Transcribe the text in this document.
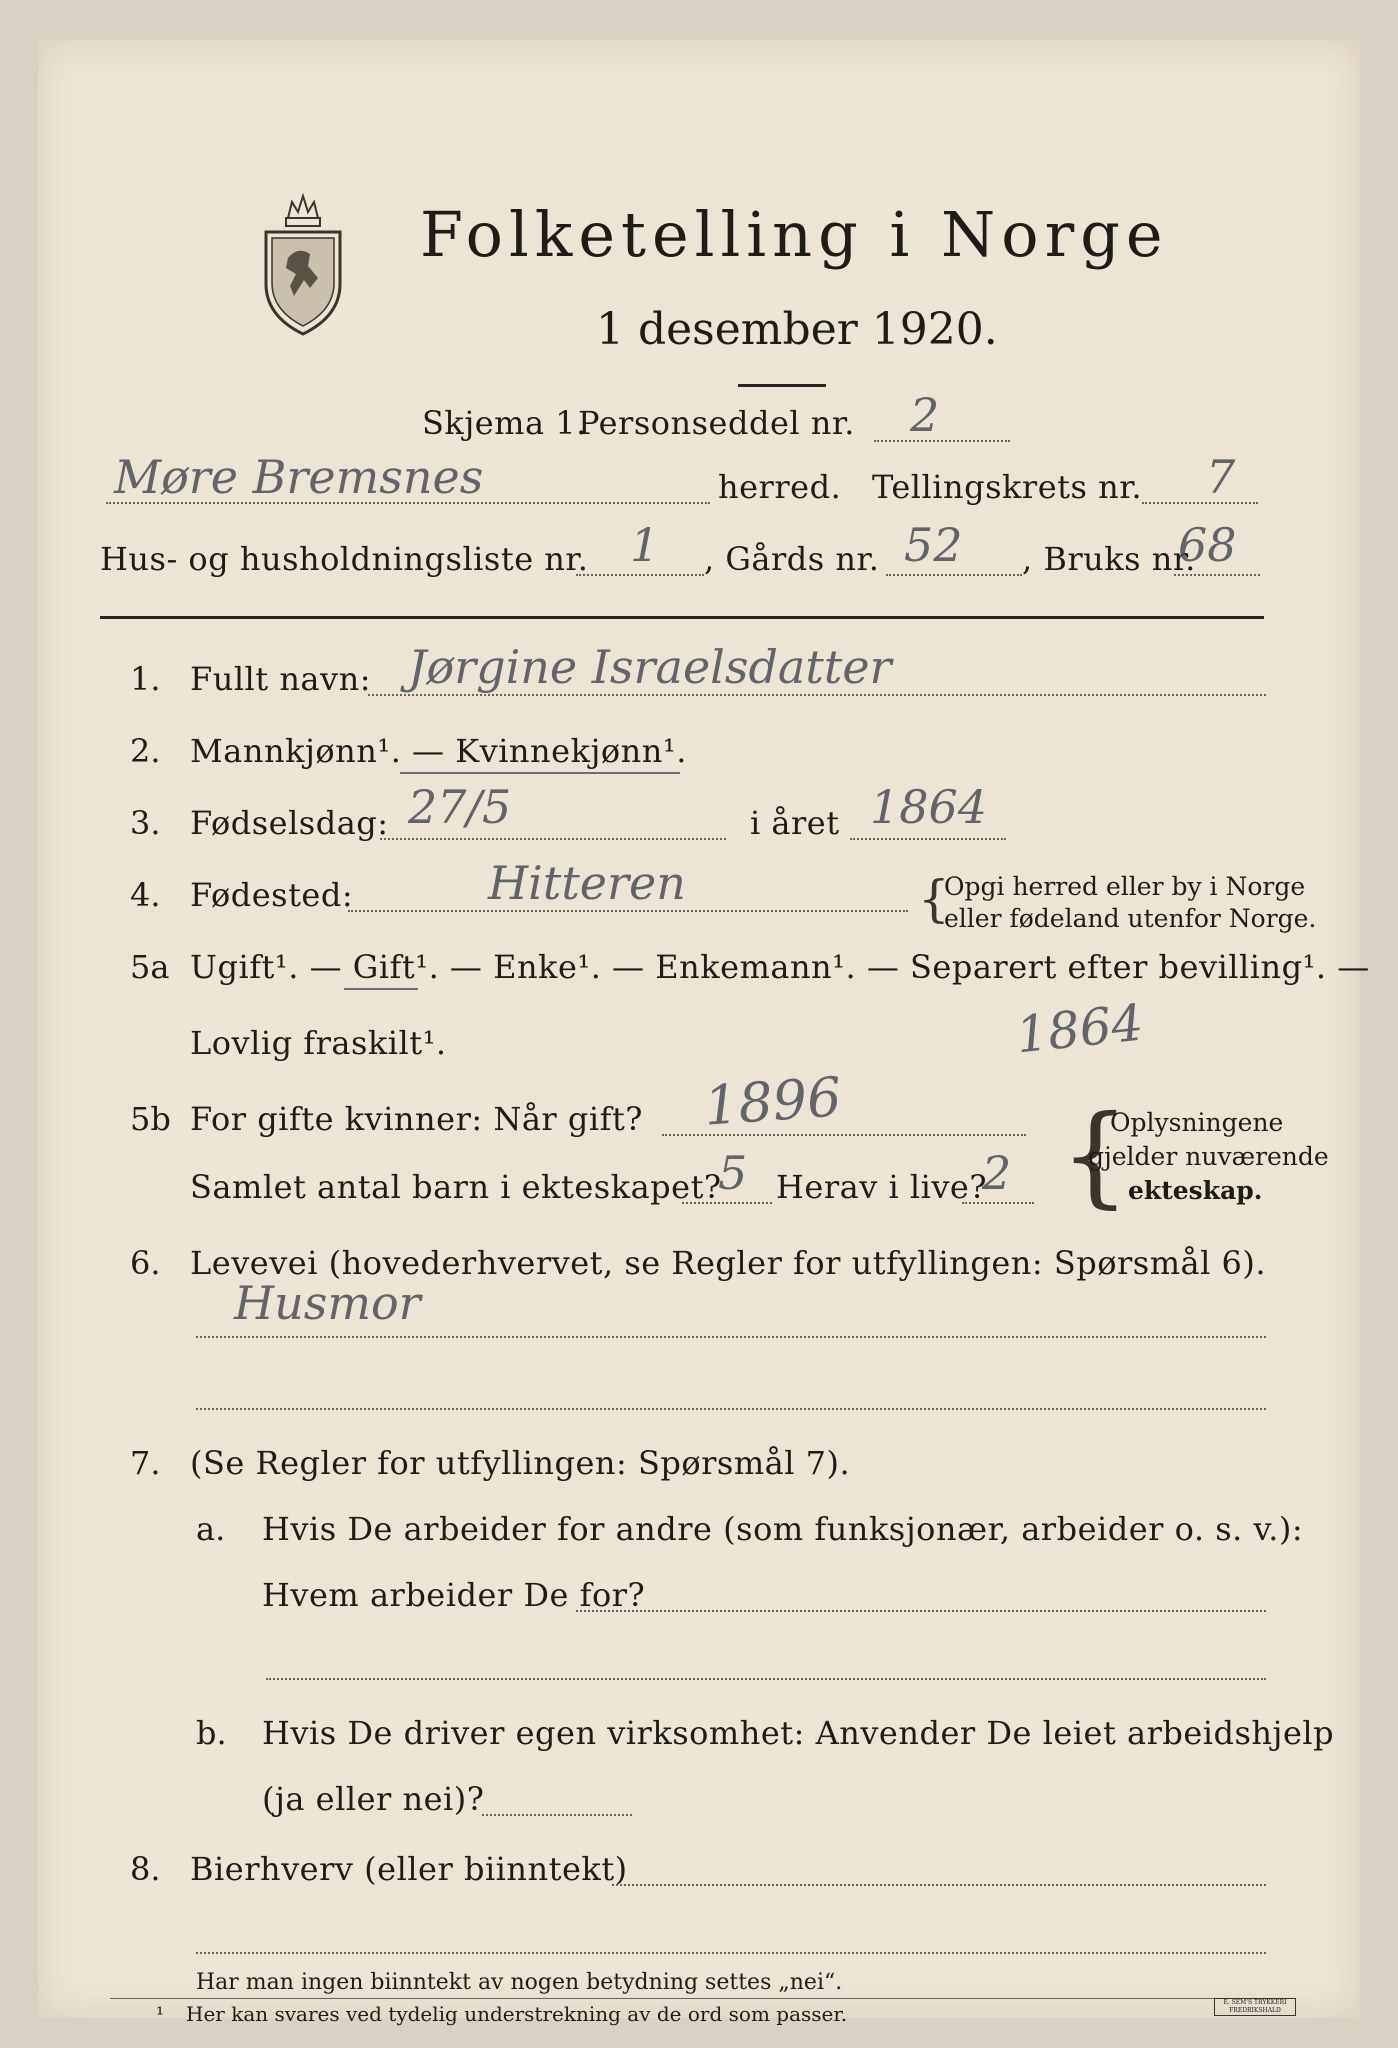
Folketelling i Norge
1 desember 1920.
Skjema 1.
Personseddel nr. 2
Møre Bremsnes	herred. Tellingskrets nr. 7
Hus- og husholdningsliste nr. 1 , Gårds nr. 52 , Bruks nr.
68
1. Fullt navn: Jørgine Israelsdatter
2. Mannkjønn¹. — Kvinnekjønn¹.
3. Fødselsdag: 27/5	i året 1864
4. Fødested:	Hitteren	{
Opgi herred eller by i Norge
eller fødeland utenfor Norge.
5a Ugift¹. — Gift¹. — Enke¹. — Enkemann¹. — Separert efter bevilling¹. —
Lovlig fraskilt¹.	1864
5b For gifte kvinner: Når gift? 1896
Samlet antal barn i ekteskapet?
5 Herav i live?
2 {
Oplysningene
gjelder nuværende
ekteskap.
6. Levevei (hovederhvervet, se Regler for utfyllingen: Spørsmål 6).
Husmor
7. (Se Regler for utfyllingen: Spørsmål 7).
a. Hvis De arbeider for andre (som funksjonær, arbeider o. s. v.):
Hvem arbeider De for?
b. Hvis De driver egen virksomhet: Anvender De leiet arbeidshjelp
(ja eller nei)?
8. Bierhverv (eller biinntekt)
Har man ingen biinntekt av nogen betydning settes „nei“.
¹ Her kan svares ved tydelig understrekning av de ord som passer.	E. SEM'S TRYKKERI FREDRIKSHALD
